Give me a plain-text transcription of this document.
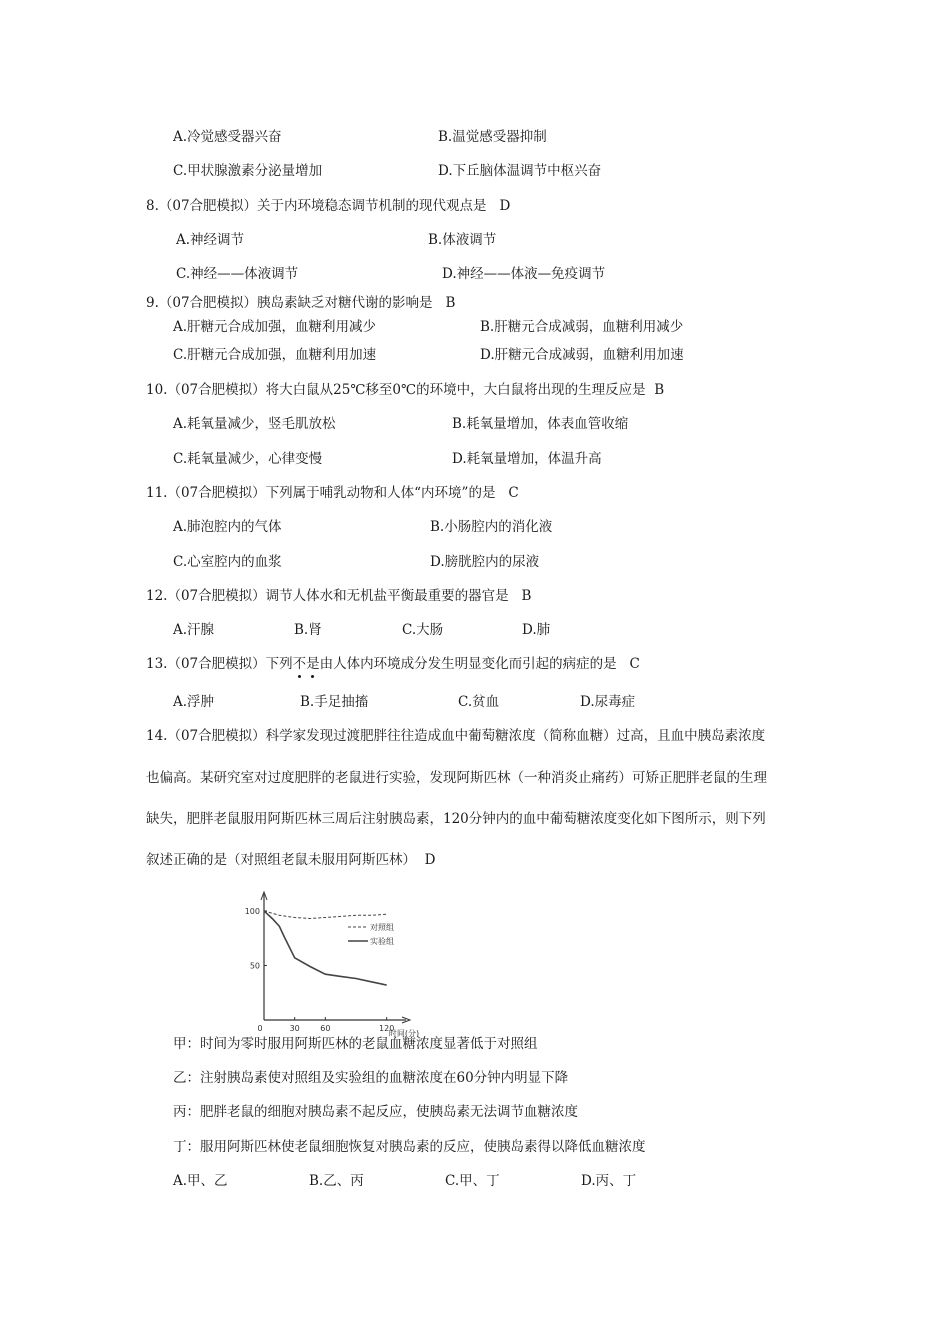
A.冷觉感受器兴奋	B.温觉感受器抑制
C.甲状腺激素分泌量增加	D.下丘脑体温调节中枢兴奋
8.（07合肥模拟）关于内环境稳态调节机制的现代观点是 D
A.神经调节	B.体液调节
C.神经——体液调节	D.神经——体液—免疫调节
9.（07合肥模拟）胰岛素缺乏对糖代谢的影响是 B
A.肝糖元合成加强，血糖利用减少	B.肝糖元合成减弱，血糖利用减少
C.肝糖元合成加强，血糖利用加速	D.肝糖元合成减弱，血糖利用加速
10.（07合肥模拟）将大白鼠从25℃移至0℃的环境中，大白鼠将出现的生理反应是 B
A.耗氧量减少，竖毛肌放松	B.耗氧量增加，体表血管收缩
C.耗氧量减少，心律变慢	D.耗氧量增加，体温升高
11.（07合肥模拟）下列属于哺乳动物和人体“内环境”的是 C
A.肺泡腔内的气体	B.小肠腔内的消化液
C.心室腔内的血浆	D.膀胱腔内的尿液
12.（07合肥模拟）调节人体水和无机盐平衡最重要的器官是 B
A.汗腺	B.肾	C.大肠	D.肺
13.（07合肥模拟）下列不是由人体内环境成分发生明显变化而引起的病症的是 C
A.浮肿	B.手足抽搐	C.贫血	D.尿毒症
14.（07合肥模拟）科学家发现过渡肥胖往往造成血中葡萄糖浓度（简称血糖）过高，且血中胰岛素浓度
也偏高。某研究室对过度肥胖的老鼠进行实验，发现阿斯匹林（一种消炎止痛药）可矫正肥胖老鼠的生理
缺失，肥胖老鼠服用阿斯匹林三周后注射胰岛素，120分钟内的血中葡萄糖浓度变化如下图所示，则下列
叙述正确的是（对照组老鼠未服用阿斯匹林） D
0	30	60	120
时间(分)
50
100
对照组
实验组
甲：时间为零时服用阿斯匹林的老鼠血糖浓度显著低于对照组
乙：注射胰岛素使对照组及实验组的血糖浓度在60分钟内明显下降
丙：肥胖老鼠的细胞对胰岛素不起反应，使胰岛素无法调节血糖浓度
丁：服用阿斯匹林使老鼠细胞恢复对胰岛素的反应，使胰岛素得以降低血糖浓度
A.甲、乙	B.乙、丙	C.甲、丁	D.丙、丁
